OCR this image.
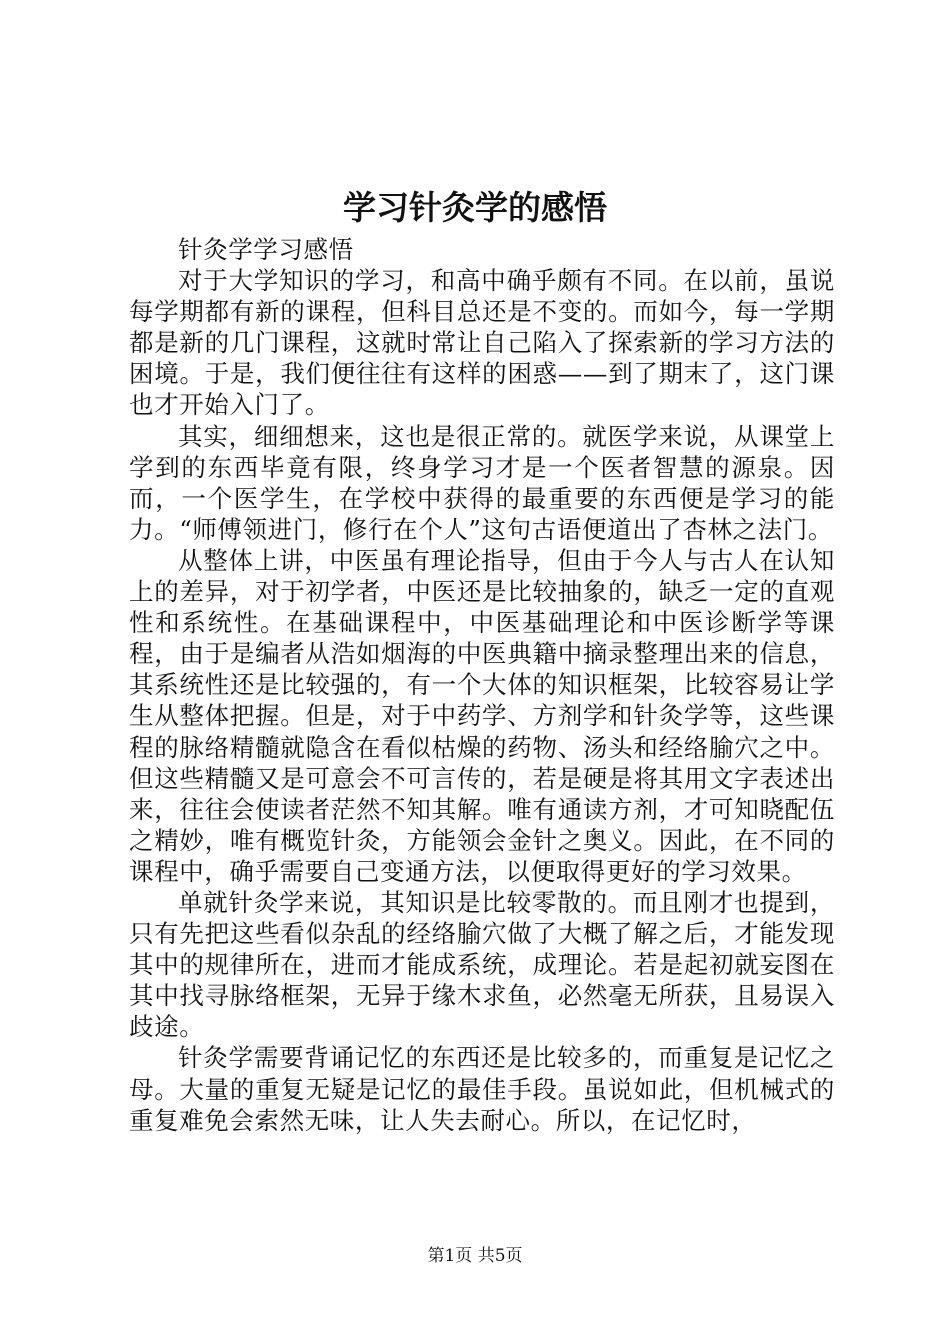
学习针灸学的感悟

针灸学学习感悟

对于大学知识的学习，和高中确乎颇有不同。在以前，虽说每学期都有新的课程，但科目总还是不变的。而如今，每一学期都是新的几门课程，这就时常让自己陷入了探索新的学习方法的困境。于是，我们便往往有这样的困惑——到了期末了，这门课也才开始入门了。

其实，细细想来，这也是很正常的。就医学来说，从课堂上学到的东西毕竟有限，终身学习才是一个医者智慧的源泉。因而，一个医学生，在学校中获得的最重要的东西便是学习的能力。“师傅领进门，修行在个人”这句古语便道出了杏林之法门。

从整体上讲，中医虽有理论指导，但由于今人与古人在认知上的差异，对于初学者，中医还是比较抽象的，缺乏一定的直观性和系统性。在基础课程中，中医基础理论和中医诊断学等课程，由于是编者从浩如烟海的中医典籍中摘录整理出来的信息，其系统性还是比较强的，有一个大体的知识框架，比较容易让学生从整体把握。但是，对于中药学、方剂学和针灸学等，这些课程的脉络精髓就隐含在看似枯燥的药物、汤头和经络腧穴之中。但这些精髓又是可意会不可言传的，若是硬是将其用文字表述出来，往往会使读者茫然不知其解。唯有通读方剂，才可知晓配伍之精妙，唯有概览针灸，方能领会金针之奥义。因此，在不同的课程中，确乎需要自己变通方法，以便取得更好的学习效果。

单就针灸学来说，其知识是比较零散的。而且刚才也提到，只有先把这些看似杂乱的经络腧穴做了大概了解之后，才能发现其中的规律所在，进而才能成系统，成理论。若是起初就妄图在其中找寻脉络框架，无异于缘木求鱼，必然毫无所获，且易误入歧途。

针灸学需要背诵记忆的东西还是比较多的，而重复是记忆之母。大量的重复无疑是记忆的最佳手段。虽说如此，但机械式的重复难免会索然无味，让人失去耐心。所以，在记忆时，

第1页 共5页
